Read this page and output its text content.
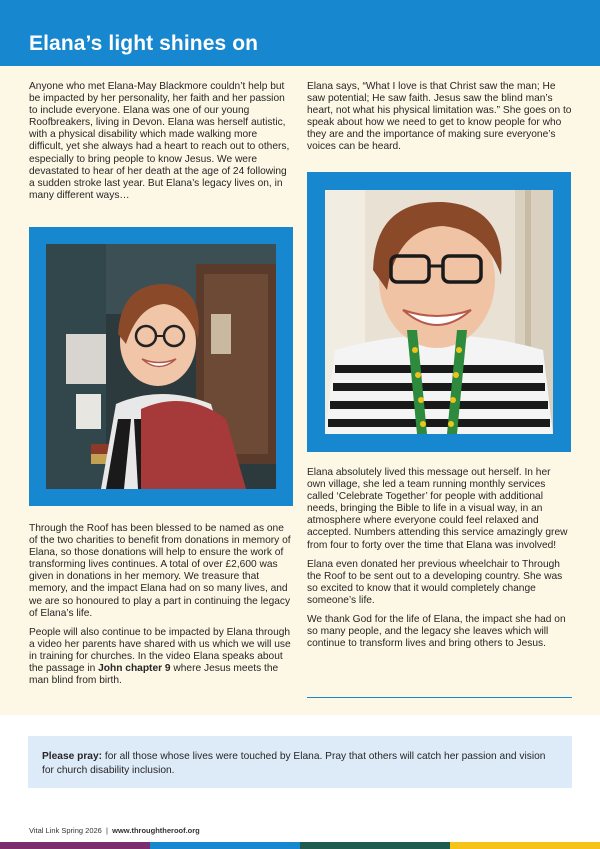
Elana’s light shines on

Anyone who met Elana-May Blackmore couldn’t help but be impacted by her personality, her faith and her passion to include everyone. Elana was one of our young Roofbreakers, living in Devon. Elana was herself autistic, with a physical disability which made walking more difficult, yet she always had a heart to reach out to others, especially to bring people to know Jesus. We were devastated to hear of her death at the age of 24 following a sudden stroke last year. But Elana’s legacy lives on, in many different ways…

Through the Roof has been blessed to be named as one of the two charities to benefit from donations in memory of Elana, so those donations will help to ensure the work of transforming lives continues. A total of over £2,600 was given in donations in her memory. We treasure that memory, and the impact Elana had on so many lives, and we are so honoured to play a part in continuing the legacy of Elana’s life.

People will also continue to be impacted by Elana through a video her parents have shared with us which we will use in training for churches. In the video Elana speaks about the passage in John chapter 9 where Jesus meets the man blind from birth.

Elana says, “What I love is that Christ saw the man; He saw potential; He saw faith. Jesus saw the blind man’s heart, not what his physical limitation was.” She goes on to speak about how we need to get to know people for who they are and the importance of making sure everyone’s voices can be heard.

Elana absolutely lived this message out herself. In her own village, she led a team running monthly services called ‘Celebrate Together’ for people with additional needs, bringing the Bible to life in a visual way, in an atmosphere where everyone could feel relaxed and accepted. Numbers attending this service amazingly grew from four to forty over the time that Elana was involved!

Elana even donated her previous wheelchair to Through the Roof to be sent out to a developing country. She was so excited to know that it would completely change someone’s life.

We thank God for the life of Elana, the impact she had on so many people, and the legacy she leaves which will continue to transform lives and bring others to Jesus.

Please pray: for all those whose lives were touched by Elana. Pray that others will catch her passion and vision for church disability inclusion.

Vital Link Spring 2026  |  www.throughtheroof.org
